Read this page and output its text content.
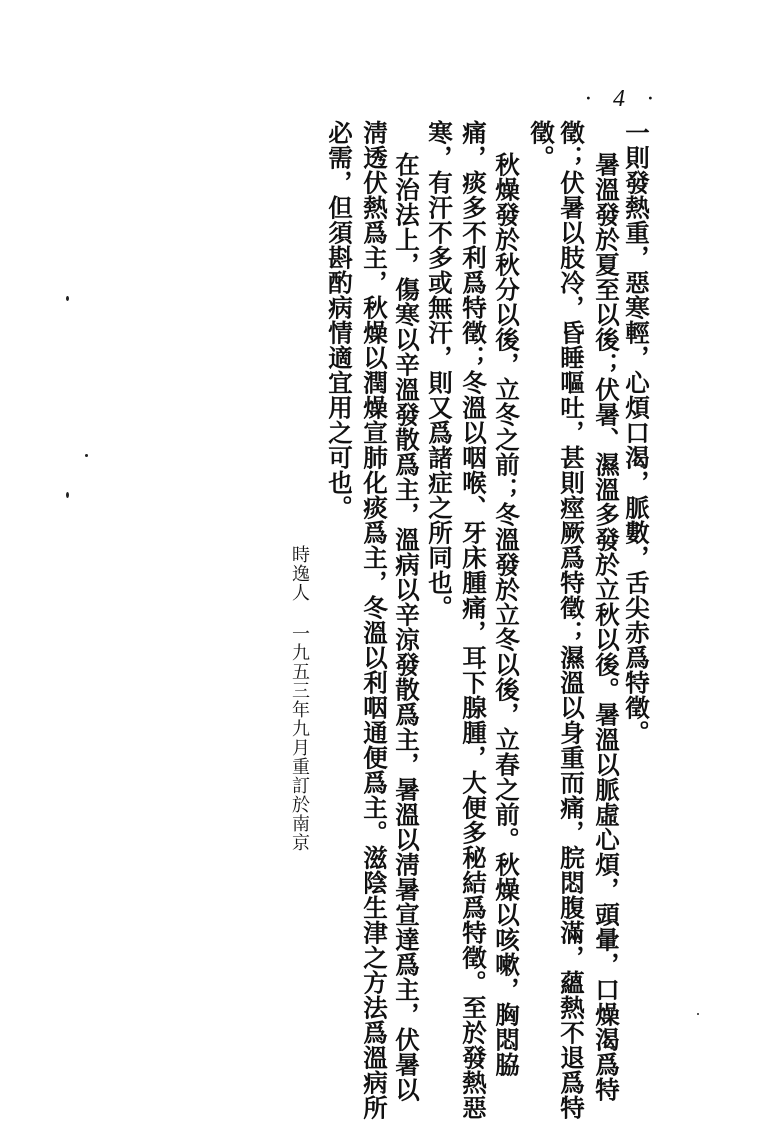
· 4 ·
一則發熱重，惡寒輕，心煩口渴，脈數，舌尖赤爲特徵。
暑溫發於夏至以後；伏暑、濕溫多發於立秋以後。暑溫以脈虛心煩，頭暈，口燥渴爲特
徵；伏暑以肢冷，昏睡嘔吐，甚則痙厥爲特徵；濕溫以身重而痛，脘悶腹滿，蘊熱不退爲特
徵。
秋燥發於秋分以後，立冬之前；冬溫發於立冬以後，立春之前。秋燥以咳嗽，胸悶脇
痛，痰多不利爲特徵；冬溫以咽喉、牙床腫痛，耳下腺腫，大便多秘結爲特徵。至於發熱惡
寒，有汗不多或無汗，則又爲諸症之所同也。
在治法上，傷寒以辛溫發散爲主，溫病以辛涼發散爲主，暑溫以淸暑宣達爲主，伏暑以
淸透伏熱爲主，秋燥以潤燥宣肺化痰爲主，冬溫以利咽通便爲主。滋陰生津之方法爲溫病所
必需，但須斟酌病情適宜用之可也。
時逸人 一九五三年九月重訂於南京
